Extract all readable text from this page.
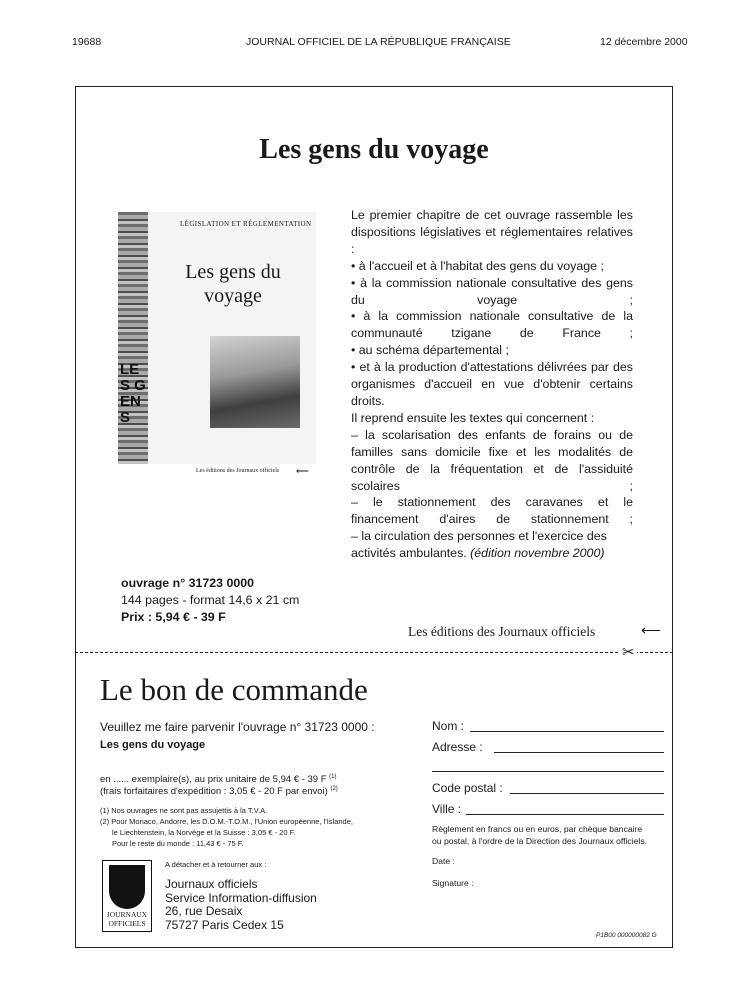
19688	JOURNAL OFFICIEL DE LA RÉPUBLIQUE FRANÇAISE	12 décembre 2000
Les gens du voyage
LES GENS
LÉGISLATION ET RÉGLEMENTATION
Les gens du voyage
Les éditions des Journaux officiels ⟵

Le premier chapitre de cet ouvrage rassemble les dispositions législatives et réglementaires relatives :

• à l'accueil et à l'habitat des gens du voyage ;

• à la commission nationale consultative des gens du voyage ;

• à la commission nationale consultative de la communauté tzigane de France ;

• au schéma départemental ;

• et à la production d'attestations délivrées par des organismes d'accueil en vue d'obtenir certains droits.

Il reprend ensuite les textes qui concernent :

– la scolarisation des enfants de forains ou de familles sans domicile fixe et les modalités de contrôle de la fréquentation et de l'assiduité scolaires ;

– le stationnement des caravanes et le financement d'aires de stationnement ;

– la circulation des personnes et l'exercice des activités ambulantes. (édition novembre 2000)

ouvrage n° 31723 0000
144 pages - format 14,6 x 21 cm
Prix : 5,94 € - 39 F
Les éditions des Journaux officiels	⟵
✂
Le bon de commande
Veuillez me faire parvenir l'ouvrage n° 31723 0000 :
Les gens du voyage
en ...... exemplaire(s), au prix unitaire de 5,94 € - 39 F $^{(1)}$
(frais forfaitaires d'expédition : 3,05 € - 20 F par envoi) $^{(2)}$
(1) Nos ouvrages ne sont pas assujettis à la T.V.A.
(2) Pour Monaco, Andorre, les D.O.M.-T.O.M., l'Union européenne, l'Islande,
le Liechtenstein, la Norvège et la Suisse : 3,05 € - 20 F.
Pour le reste du monde : 11,43 € - 75 F.
A détacher et à retourner aux :
JOURNAUX
OFFICIELS
Journaux officiels
Service Information-diffusion
26, rue Desaix
75727 Paris Cedex 15
Nom :
Adresse :
Code postal :
Ville :
Règlement en francs ou en euros, par chèque bancaire
ou postal, à l'ordre de la Direction des Journaux officiels.
Date :
Signature :
P1B00 000000082 G
